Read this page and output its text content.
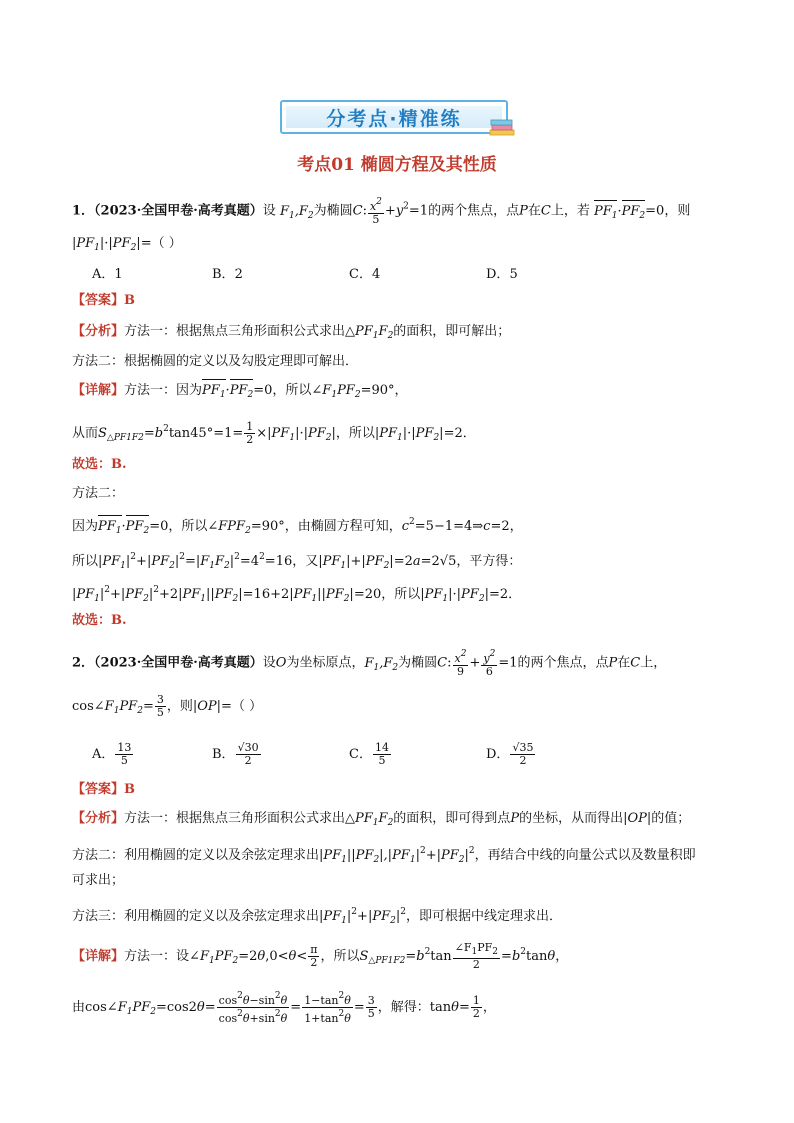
分考点·精准练
考点01 椭圆方程及其性质
1．（2023·全国甲卷·高考真题）设 $F_1,F_2$为椭圆C: $\frac{x^2}{5} +y^2=1$的两个焦点，点P在C上，若 $PF_1\cdot PF_2=0$，则
$|PF_1|\cdot|PF_2|=$（ ）
A．1	B．2	C．4	D．5
【答案】B
【分析】方法一：根据焦点三角形面积公式求出$\triangle PF_1F_2$的面积，即可解出；
方法二：根据椭圆的定义以及勾股定理即可解出．
【详解】方法一：因为$PF_1\cdot PF_2=0$，所以$\angle F_1PF_2=90^\circ$，
从而$S_{\triangle PF1F2}=b^2\tan 45^\circ=1= \frac{1}{2} \times|PF_1|\cdot|PF_2|$，所以$|PF_1|\cdot|PF_2|=2$．
故选：B.
方法二：
因为$PF_1\cdot PF_2=0$，所以$\angle FPF_2=90^\circ$，由椭圆方程可知，$c^2=5-1=4\Rightarrow c=2$，
所以$|PF_1|^2+|PF_2|^2=|F_1F_2|^2=4^2=16$，又$|PF_1|+|PF_2|=2a=2√5$，平方得：
$|PF_1|^2+|PF_2|^2+2|PF_1||PF_2|=16+2|PF_1||PF_2|=20$，所以$|PF_1|\cdot|PF_2|=2$．
故选：B.
2．（2023·全国甲卷·高考真题）设O为坐标原点，$F_1,F_2$为椭圆C: $\frac{x^2}{9} + \frac{y^2}{6} =1$的两个焦点，点P在C上，
$\cos\angle F_1PF_2= \frac{3}{5}$ ，则|OP|=（ ）
A． $\frac{13}{5}$	B． $\frac{√30}{2}$	C． $\frac{14}{5}$	D． $\frac{√35}{2}$
【答案】B
【分析】方法一：根据焦点三角形面积公式求出$\triangle PF_1F_2$的面积，即可得到点P的坐标，从而得出|OP|的值；
方法二：利用椭圆的定义以及余弦定理求出$|PF_1||PF_2|,|PF_1|^2+|PF_2|^2$，再结合中线的向量公式以及数量积即
可求出；
方法三：利用椭圆的定义以及余弦定理求出$|PF_1|^2+|PF_2|^2$，即可根据中线定理求出．
【详解】方法一：设$\angle F_1PF_2=2\theta,0<\theta< \frac{\pi}{2}$ ，所以$S_{\triangle PF1F2}=b^2\tan \frac{\angle F_1PF_2}{2} =b^2\tan\theta$，
由$\cos\angle F_1PF_2=\cos 2\theta= \frac{\cos^2\theta-\sin^2\theta}{\cos^2\theta+\sin^2\theta} = \frac{1-\tan^2\theta}{1+\tan^2\theta} = \frac{3}{5}$ ，解得：$\tan\theta= \frac{1}{2}$ ，
